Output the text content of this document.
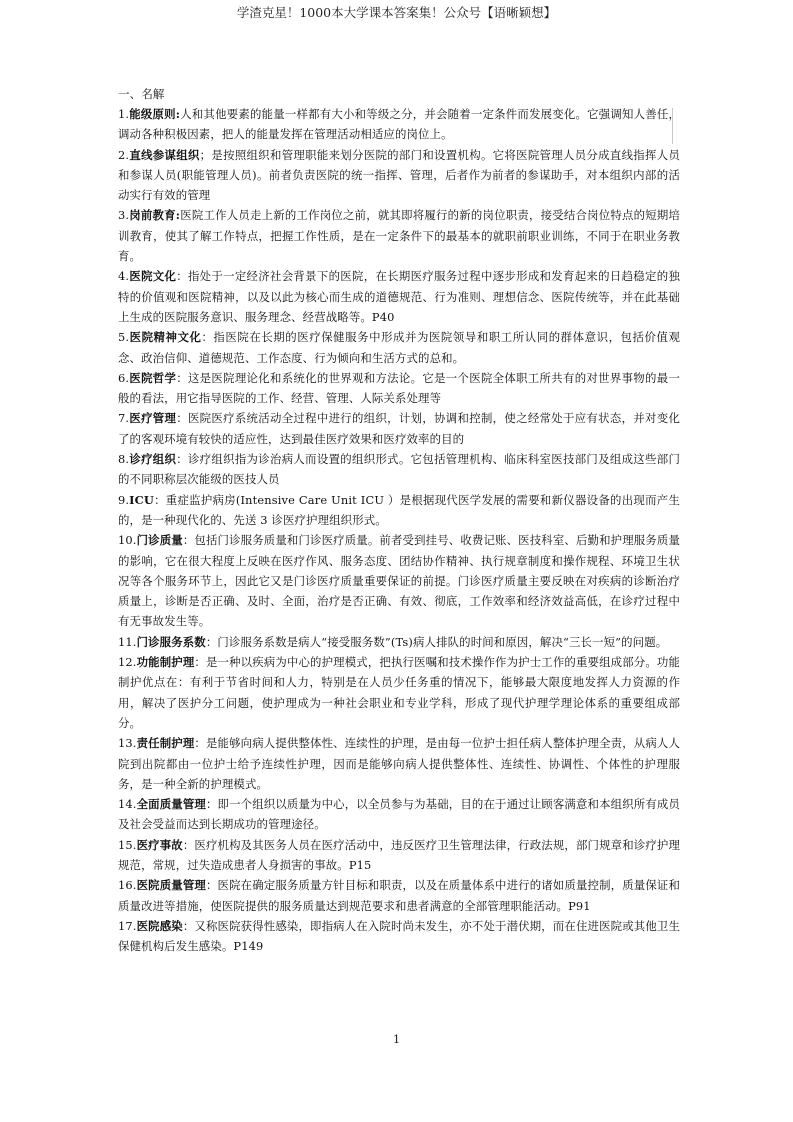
学渣克星！1000本大学课本答案集！公众号【语晰颖想】

一、名解

1.能级原则:人和其他要素的能量一样都有大小和等级之分，并会随着一定条件而发展变化。它强调知人善任，调动各种积极因素，把人的能量发挥在管理活动相适应的岗位上。

2.直线参谋组织；是按照组织和管理职能来划分医院的部门和设置机构。它将医院管理人员分成直线指挥人员和参谋人员(职能管理人员)。前者负责医院的统一指挥、管理，后者作为前者的参谋助手，对本组织内部的活动实行有效的管理

3.岗前教育:医院工作人员走上新的工作岗位之前，就其即将履行的新的岗位职责，接受结合岗位特点的短期培训教育，使其了解工作特点，把握工作性质，是在一定条件下的最基本的就职前职业训练，不同于在职业务教育。

4.医院文化：指处于一定经济社会背景下的医院，在长期医疗服务过程中逐步形成和发育起来的日趋稳定的独特的价值观和医院精神，以及以此为核心而生成的道德规范、行为准则、理想信念、医院传统等，并在此基础上生成的医院服务意识、服务理念、经营战略等。P40

5.医院精神文化：指医院在长期的医疗保健服务中形成并为医院领导和职工所认同的群体意识，包括价值观念、政治信仰、道德规范、工作态度、行为倾向和生活方式的总和。

6.医院哲学：这是医院理论化和系统化的世界观和方法论。它是一个医院全体职工所共有的对世界事物的最一般的看法，用它指导医院的工作、经营、管理、人际关系处理等

7.医疗管理：医院医疗系统活动全过程中进行的组织，计划，协调和控制，使之经常处于应有状态，并对变化了的客观环境有较快的适应性，达到最佳医疗效果和医疗效率的目的

8.诊疗组织：诊疗组织指为诊治病人而设置的组织形式。它包括管理机构、临床科室医技部门及组成这些部门的不同职称层次能级的医技人员

9.ICU：重症监护病房(Intensive Care Unit ICU ）是根据现代医学发展的需要和新仪器设备的出现而产生的，是一种现代化的、先送 3 诊医疗护理组织形式。

10.门诊质量：包括门诊服务质量和门诊医疗质量。前者受到挂号、收费记账、医技科室、后勤和护理服务质量的影响，它在很大程度上反映在医疗作风、服务态度、团结协作精神、执行规章制度和操作规程、环境卫生状况等各个服务环节上，因此它又是门诊医疗质量重要保证的前提。门诊医疗质量主要反映在对疾病的诊断治疗质量上，诊断是否正确、及时、全面，治疗是否正确、有效、彻底，工作效率和经济效益高低，在诊疗过程中有无事故发生等。

11.门诊服务系数：门诊服务系数是病人“接受服务数”(Ts)病人排队的时间和原因，解决“三长一短”的问题。

12.功能制护理：是一种以疾病为中心的护理模式，把执行医嘱和技术操作作为护士工作的重要组成部分。功能制护优点在：有利于节省时间和人力，特别是在人员少任务重的情况下，能够最大限度地发挥人力资源的作用，解决了医护分工问题，使护理成为一种社会职业和专业学科，形成了现代护理学理论体系的重要组成部分。

13.责任制护理：是能够向病人提供整体性、连续性的护理，是由每一位护士担任病人整体护理全责，从病人人院到出院都由一位护士给予连续性护理，因而是能够向病人提供整体性、连续性、协调性、个体性的护理服务，是一种全新的护理模式。

14.全面质量管理：即一个组织以质量为中心，以全员参与为基础，目的在于通过让顾客满意和本组织所有成员及社会受益而达到长期成功的管理途径。

15.医疗事故：医疗机构及其医务人员在医疗活动中，违反医疗卫生管理法律，行政法规，部门规章和诊疗护理规范，常规，过失造成患者人身损害的事故。P15

16.医院质量管理：医院在确定服务质量方针目标和职责，以及在质量体系中进行的诸如质量控制，质量保证和质量改进等措施，使医院提供的服务质量达到规范要求和患者满意的全部管理职能活动。P91

17.医院感染：又称医院获得性感染，即指病人在入院时尚未发生，亦不处于潜伏期，而在住进医院或其他卫生保健机构后发生感染。P149

1
